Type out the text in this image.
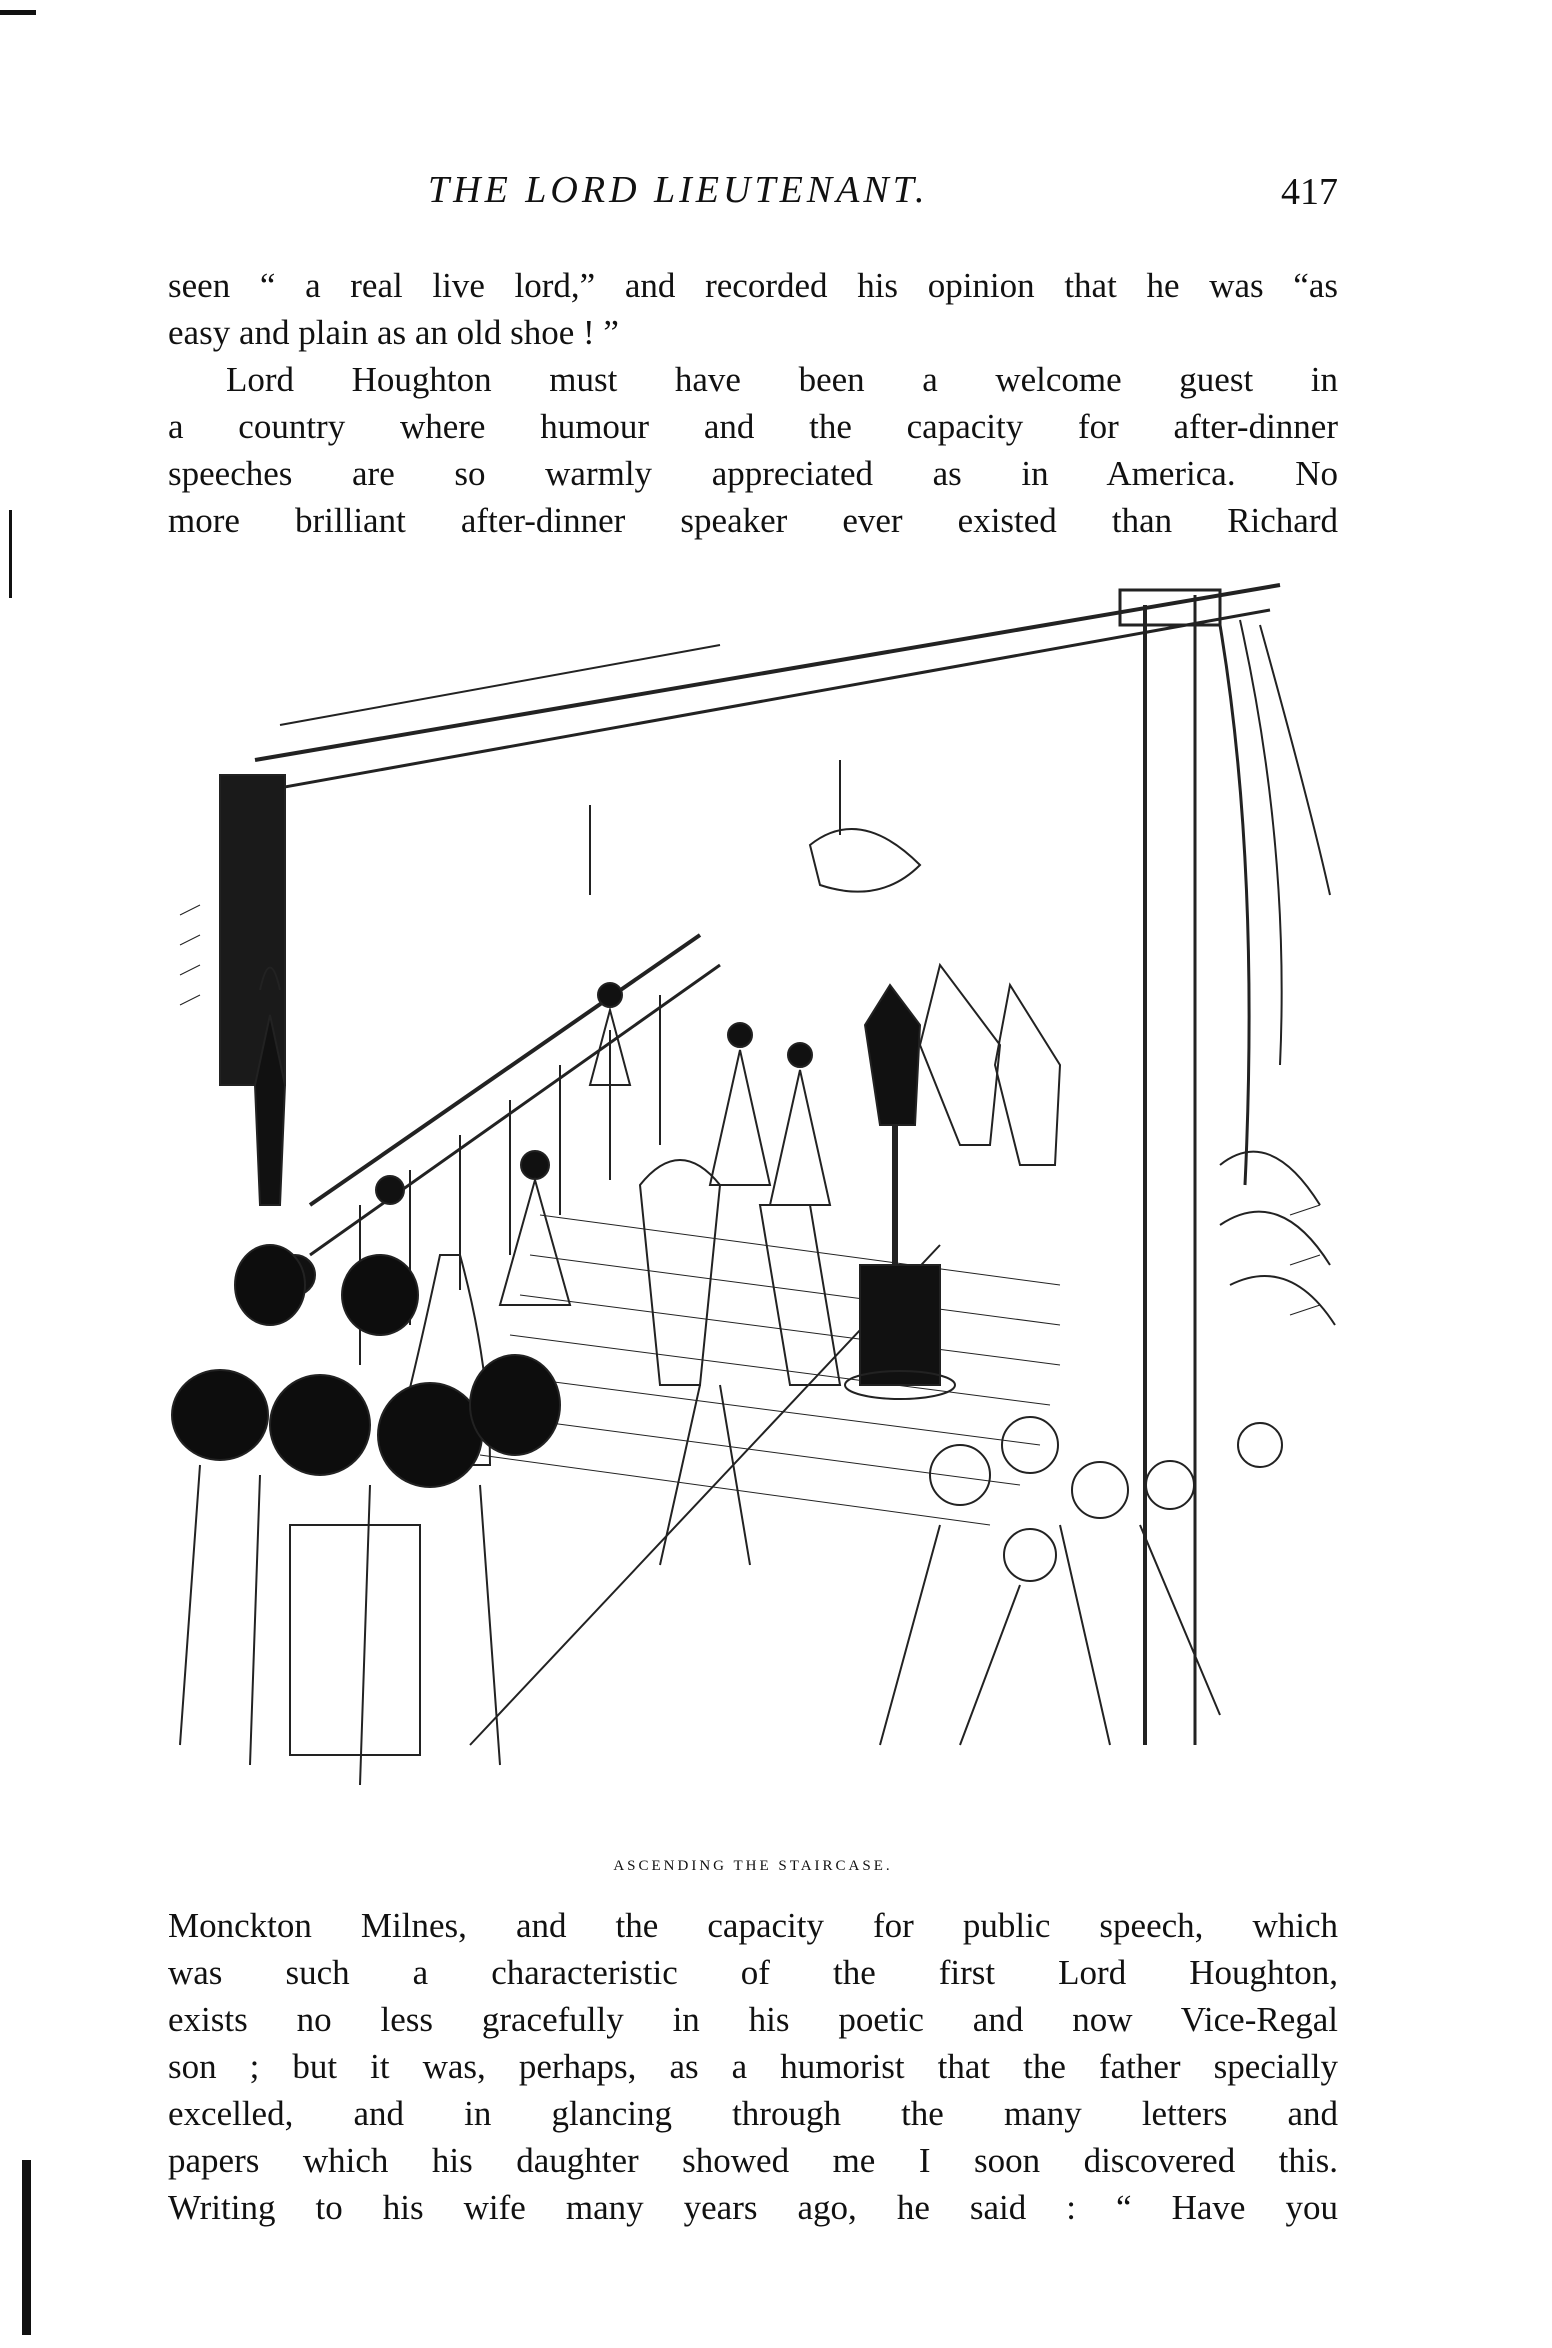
THE LORD LIEUTENANT.	417
seen “ a real live lord,” and recorded his opinion that he was “as
easy and plain as an old shoe ! ”
Lord Houghton must have been a welcome guest in
a country where humour and the capacity for after-dinner
speeches are so warmly appreciated as in America. No
more brilliant after-dinner speaker ever existed than Richard
ASCENDING THE STAIRCASE.
Monckton Milnes, and the capacity for public speech, which
was such a characteristic of the first Lord Houghton,
exists no less gracefully in his poetic and now Vice-Regal
son ; but it was, perhaps, as a humorist that the father specially
excelled, and in glancing through the many letters and
papers which his daughter showed me I soon discovered this.
Writing to his wife many years ago, he said : “ Have you
